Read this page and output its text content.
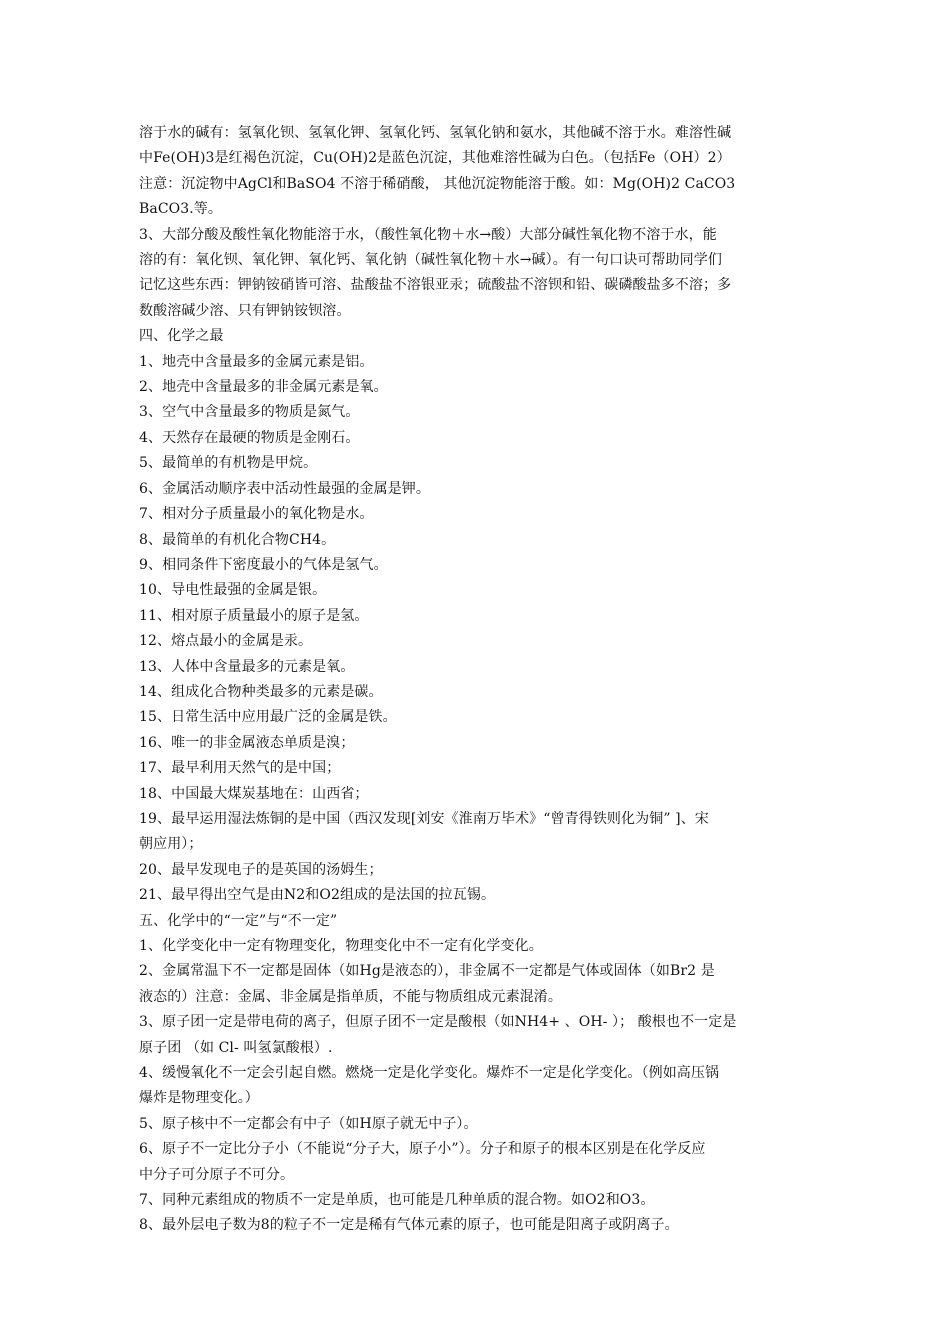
溶于水的碱有：氢氧化钡、氢氧化钾、氢氧化钙、氢氧化钠和氨水，其他碱不溶于水。难溶性碱
中Fe(OH)3是红褐色沉淀，Cu(OH)2是蓝色沉淀，其他难溶性碱为白色。（包括Fe（OH）2）
注意：沉淀物中AgCl和BaSO4 不溶于稀硝酸， 其他沉淀物能溶于酸。如：Mg(OH)2 CaCO3
BaCO3.等。
3、大部分酸及酸性氧化物能溶于水，（酸性氧化物＋水→酸）大部分碱性氧化物不溶于水，能
溶的有：氧化钡、氧化钾、氧化钙、氧化钠（碱性氧化物＋水→碱）。有一句口诀可帮助同学们
记忆这些东西：钾钠铵硝皆可溶、盐酸盐不溶银亚汞；硫酸盐不溶钡和铅、碳磷酸盐多不溶；多
数酸溶碱少溶、只有钾钠铵钡溶。
四、化学之最
1、地壳中含量最多的金属元素是铝。
2、地壳中含量最多的非金属元素是氧。
3、空气中含量最多的物质是氮气。
4、天然存在最硬的物质是金刚石。
5、最简单的有机物是甲烷。
6、金属活动顺序表中活动性最强的金属是钾。
7、相对分子质量最小的氧化物是水。
8、最简单的有机化合物CH4。
9、相同条件下密度最小的气体是氢气。
10、导电性最强的金属是银。
11、相对原子质量最小的原子是氢。
12、熔点最小的金属是汞。
13、人体中含量最多的元素是氧。
14、组成化合物种类最多的元素是碳。
15、日常生活中应用最广泛的金属是铁。
16、唯一的非金属液态单质是溴；
17、最早利用天然气的是中国；
18、中国最大煤炭基地在：山西省；
19、最早运用湿法炼铜的是中国（西汉发现[刘安《淮南万毕术》“曾青得铁则化为铜” ]、宋
朝应用）；
20、最早发现电子的是英国的汤姆生；
21、最早得出空气是由N2和O2组成的是法国的拉瓦锡。
五、化学中的“一定”与“不一定”
1、化学变化中一定有物理变化，物理变化中不一定有化学变化。
2、金属常温下不一定都是固体（如Hg是液态的），非金属不一定都是气体或固体（如Br2 是
液态的）注意：金属、非金属是指单质，不能与物质组成元素混淆。
3、原子团一定是带电荷的离子，但原子团不一定是酸根（如NH4+ 、OH- ）； 酸根也不一定是
原子团 （如 Cl- 叫氢氯酸根）.
4、缓慢氧化不一定会引起自燃。燃烧一定是化学变化。爆炸不一定是化学变化。（例如高压锅
爆炸是物理变化。）
5、原子核中不一定都会有中子（如H原子就无中子）。
6、原子不一定比分子小（不能说“分子大，原子小”）。分子和原子的根本区别是在化学反应
中分子可分原子不可分。
7、同种元素组成的物质不一定是单质，也可能是几种单质的混合物。如O2和O3。
8、最外层电子数为8的粒子不一定是稀有气体元素的原子，也可能是阳离子或阴离子。
